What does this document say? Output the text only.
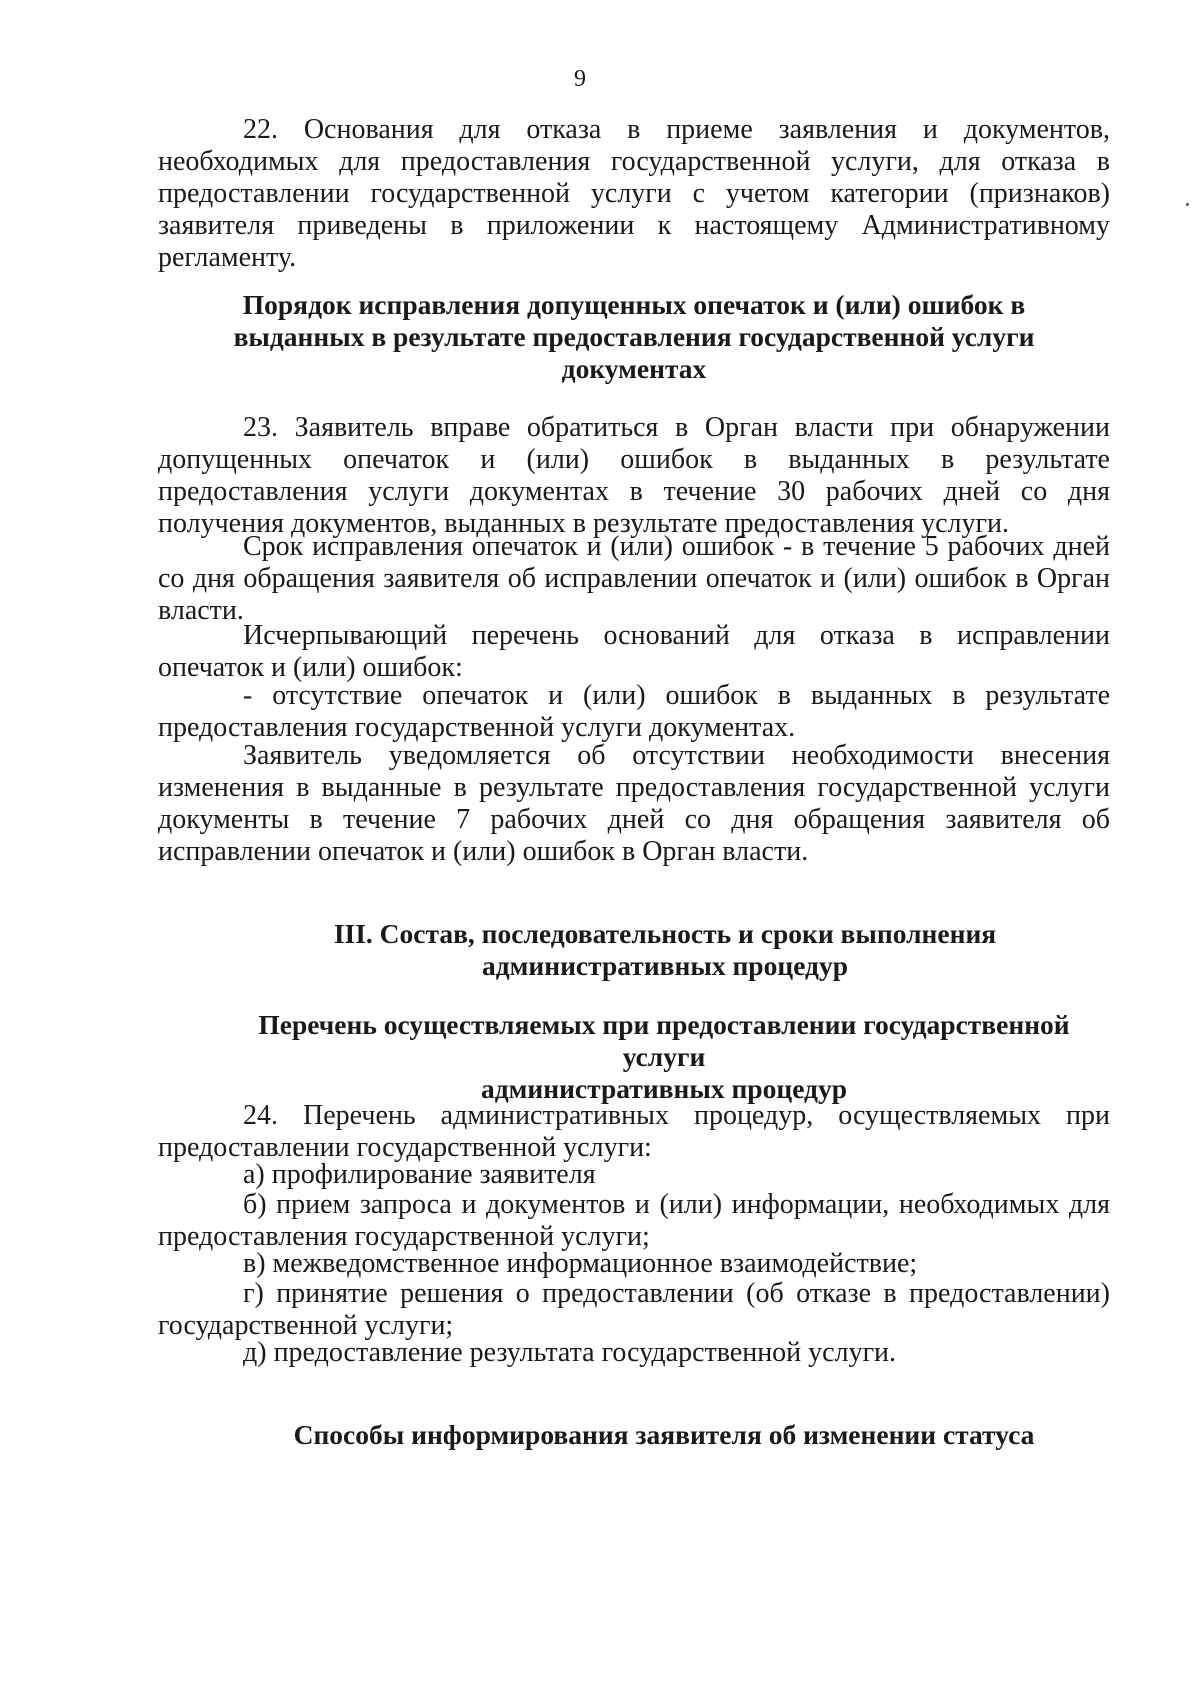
9

22. Основания для отказа в приеме заявления и документов, необходимых для предоставления государственной услуги, для отказа в предоставлении государственной услуги с учетом категории (признаков) заявителя приведены в приложении к настоящему Административному регламенту.

Порядок исправления допущенных опечаток и (или) ошибок в выданных в результате предоставления государственной услуги документах

23. Заявитель вправе обратиться в Орган власти при обнаружении допущенных опечаток и (или) ошибок в выданных в результате предоставления услуги документах в течение 30 рабочих дней со дня получения документов, выданных в результате предоставления услуги.

Срок исправления опечаток и (или) ошибок - в течение 5 рабочих дней со дня обращения заявителя об исправлении опечаток и (или) ошибок в Орган власти.

Исчерпывающий перечень оснований для отказа в исправлении опечаток и (или) ошибок:

- отсутствие опечаток и (или) ошибок в выданных в результате предоставления государственной услуги документах.

Заявитель уведомляется об отсутствии необходимости внесения изменения в выданные в результате предоставления государственной услуги документы в течение 7 рабочих дней со дня обращения заявителя об исправлении опечаток и (или) ошибок в Орган власти.

III. Состав, последовательность и сроки выполнения

административных процедур

Перечень осуществляемых при предоставлении государственной

услуги

административных процедур

24. Перечень административных процедур, осуществляемых при предоставлении государственной услуги:

а) профилирование заявителя

б) прием запроса и документов и (или) информации, необходимых для предоставления государственной услуги;

в) межведомственное информационное взаимодействие;

г) принятие решения о предоставлении (об отказе в предоставлении) государственной услуги;

д) предоставление результата государственной услуги.

Способы информирования заявителя об изменении статуса
